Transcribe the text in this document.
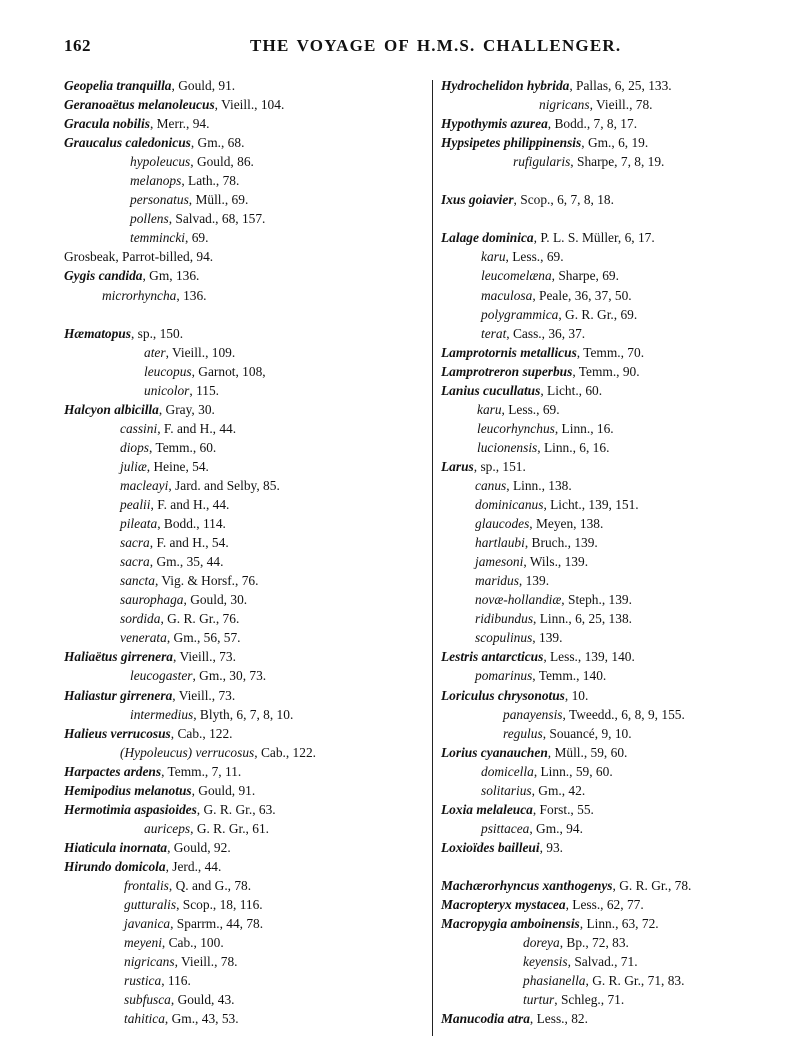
162	THE VOYAGE OF H.M.S. CHALLENGER.
Geopelia tranquilla, Gould, 91.
Geranoaëtus melanoleucus, Vieill., 104.
Gracula nobilis, Merr., 94.
Graucalus caledonicus, Gm., 68.
hypoleucus, Gould, 86.
melanops, Lath., 78.
personatus, Müll., 69.
pollens, Salvad., 68, 157.
temmincki, 69.
Grosbeak, Parrot-billed, 94.
Gygis candida, Gm, 136.
microrhyncha, 136.
Hæmatopus, sp., 150.
ater, Vieill., 109.
leucopus, Garnot, 108,
unicolor, 115.
Halcyon albicilla, Gray, 30.
cassini, F. and H., 44.
diops, Temm., 60.
juliæ, Heine, 54.
macleayi, Jard. and Selby, 85.
pealii, F. and H., 44.
pileata, Bodd., 114.
sacra, F. and H., 54.
sacra, Gm., 35, 44.
sancta, Vig. & Horsf., 76.
saurophaga, Gould, 30.
sordida, G. R. Gr., 76.
venerata, Gm., 56, 57.
Haliaëtus girrenera, Vieill., 73.
leucogaster, Gm., 30, 73.
Haliastur girrenera, Vieill., 73.
intermedius, Blyth, 6, 7, 8, 10.
Halieus verrucosus, Cab., 122.
(Hypoleucus) verrucosus, Cab., 122.
Harpactes ardens, Temm., 7, 11.
Hemipodius melanotus, Gould, 91.
Hermotimia aspasioides, G. R. Gr., 63.
auriceps, G. R. Gr., 61.
Hiaticula inornata, Gould, 92.
Hirundo domicola, Jerd., 44.
frontalis, Q. and G., 78.
gutturalis, Scop., 18, 116.
javanica, Sparrm., 44, 78.
meyeni, Cab., 100.
nigricans, Vieill., 78.
rustica, 116.
subfusca, Gould, 43.
tahitica, Gm., 43, 53.
Hydrochelidon hybrida, Pallas, 6, 25, 133.
nigricans, Vieill., 78.
Hypothymis azurea, Bodd., 7, 8, 17.
Hypsipetes philippinensis, Gm., 6, 19.
rufigularis, Sharpe, 7, 8, 19.
Ixus goiavier, Scop., 6, 7, 8, 18.
Lalage dominica, P. L. S. Müller, 6, 17.
karu, Less., 69.
leucomelæna, Sharpe, 69.
maculosa, Peale, 36, 37, 50.
polygrammica, G. R. Gr., 69.
terat, Cass., 36, 37.
Lamprotornis metallicus, Temm., 70.
Lamprotreron superbus, Temm., 90.
Lanius cucullatus, Licht., 60.
karu, Less., 69.
leucorhynchus, Linn., 16.
lucionensis, Linn., 6, 16.
Larus, sp., 151.
canus, Linn., 138.
dominicanus, Licht., 139, 151.
glaucodes, Meyen, 138.
hartlaubi, Bruch., 139.
jamesoni, Wils., 139.
maridus, 139.
novæ-hollandiæ, Steph., 139.
ridibundus, Linn., 6, 25, 138.
scopulinus, 139.
Lestris antarcticus, Less., 139, 140.
pomarinus, Temm., 140.
Loriculus chrysonotus, 10.
panayensis, Tweedd., 6, 8, 9, 155.
regulus, Souancé, 9, 10.
Lorius cyanauchen, Müll., 59, 60.
domicella, Linn., 59, 60.
solitarius, Gm., 42.
Loxia melaleuca, Forst., 55.
psittacea, Gm., 94.
Loxioïdes bailleui, 93.
Machærorhyncus xanthogenys, G. R. Gr., 78.
Macropteryx mystacea, Less., 62, 77.
Macropygia amboinensis, Linn., 63, 72.
doreya, Bp., 72, 83.
keyensis, Salvad., 71.
phasianella, G. R. Gr., 71, 83.
turtur, Schleg., 71.
Manucodia atra, Less., 82.
